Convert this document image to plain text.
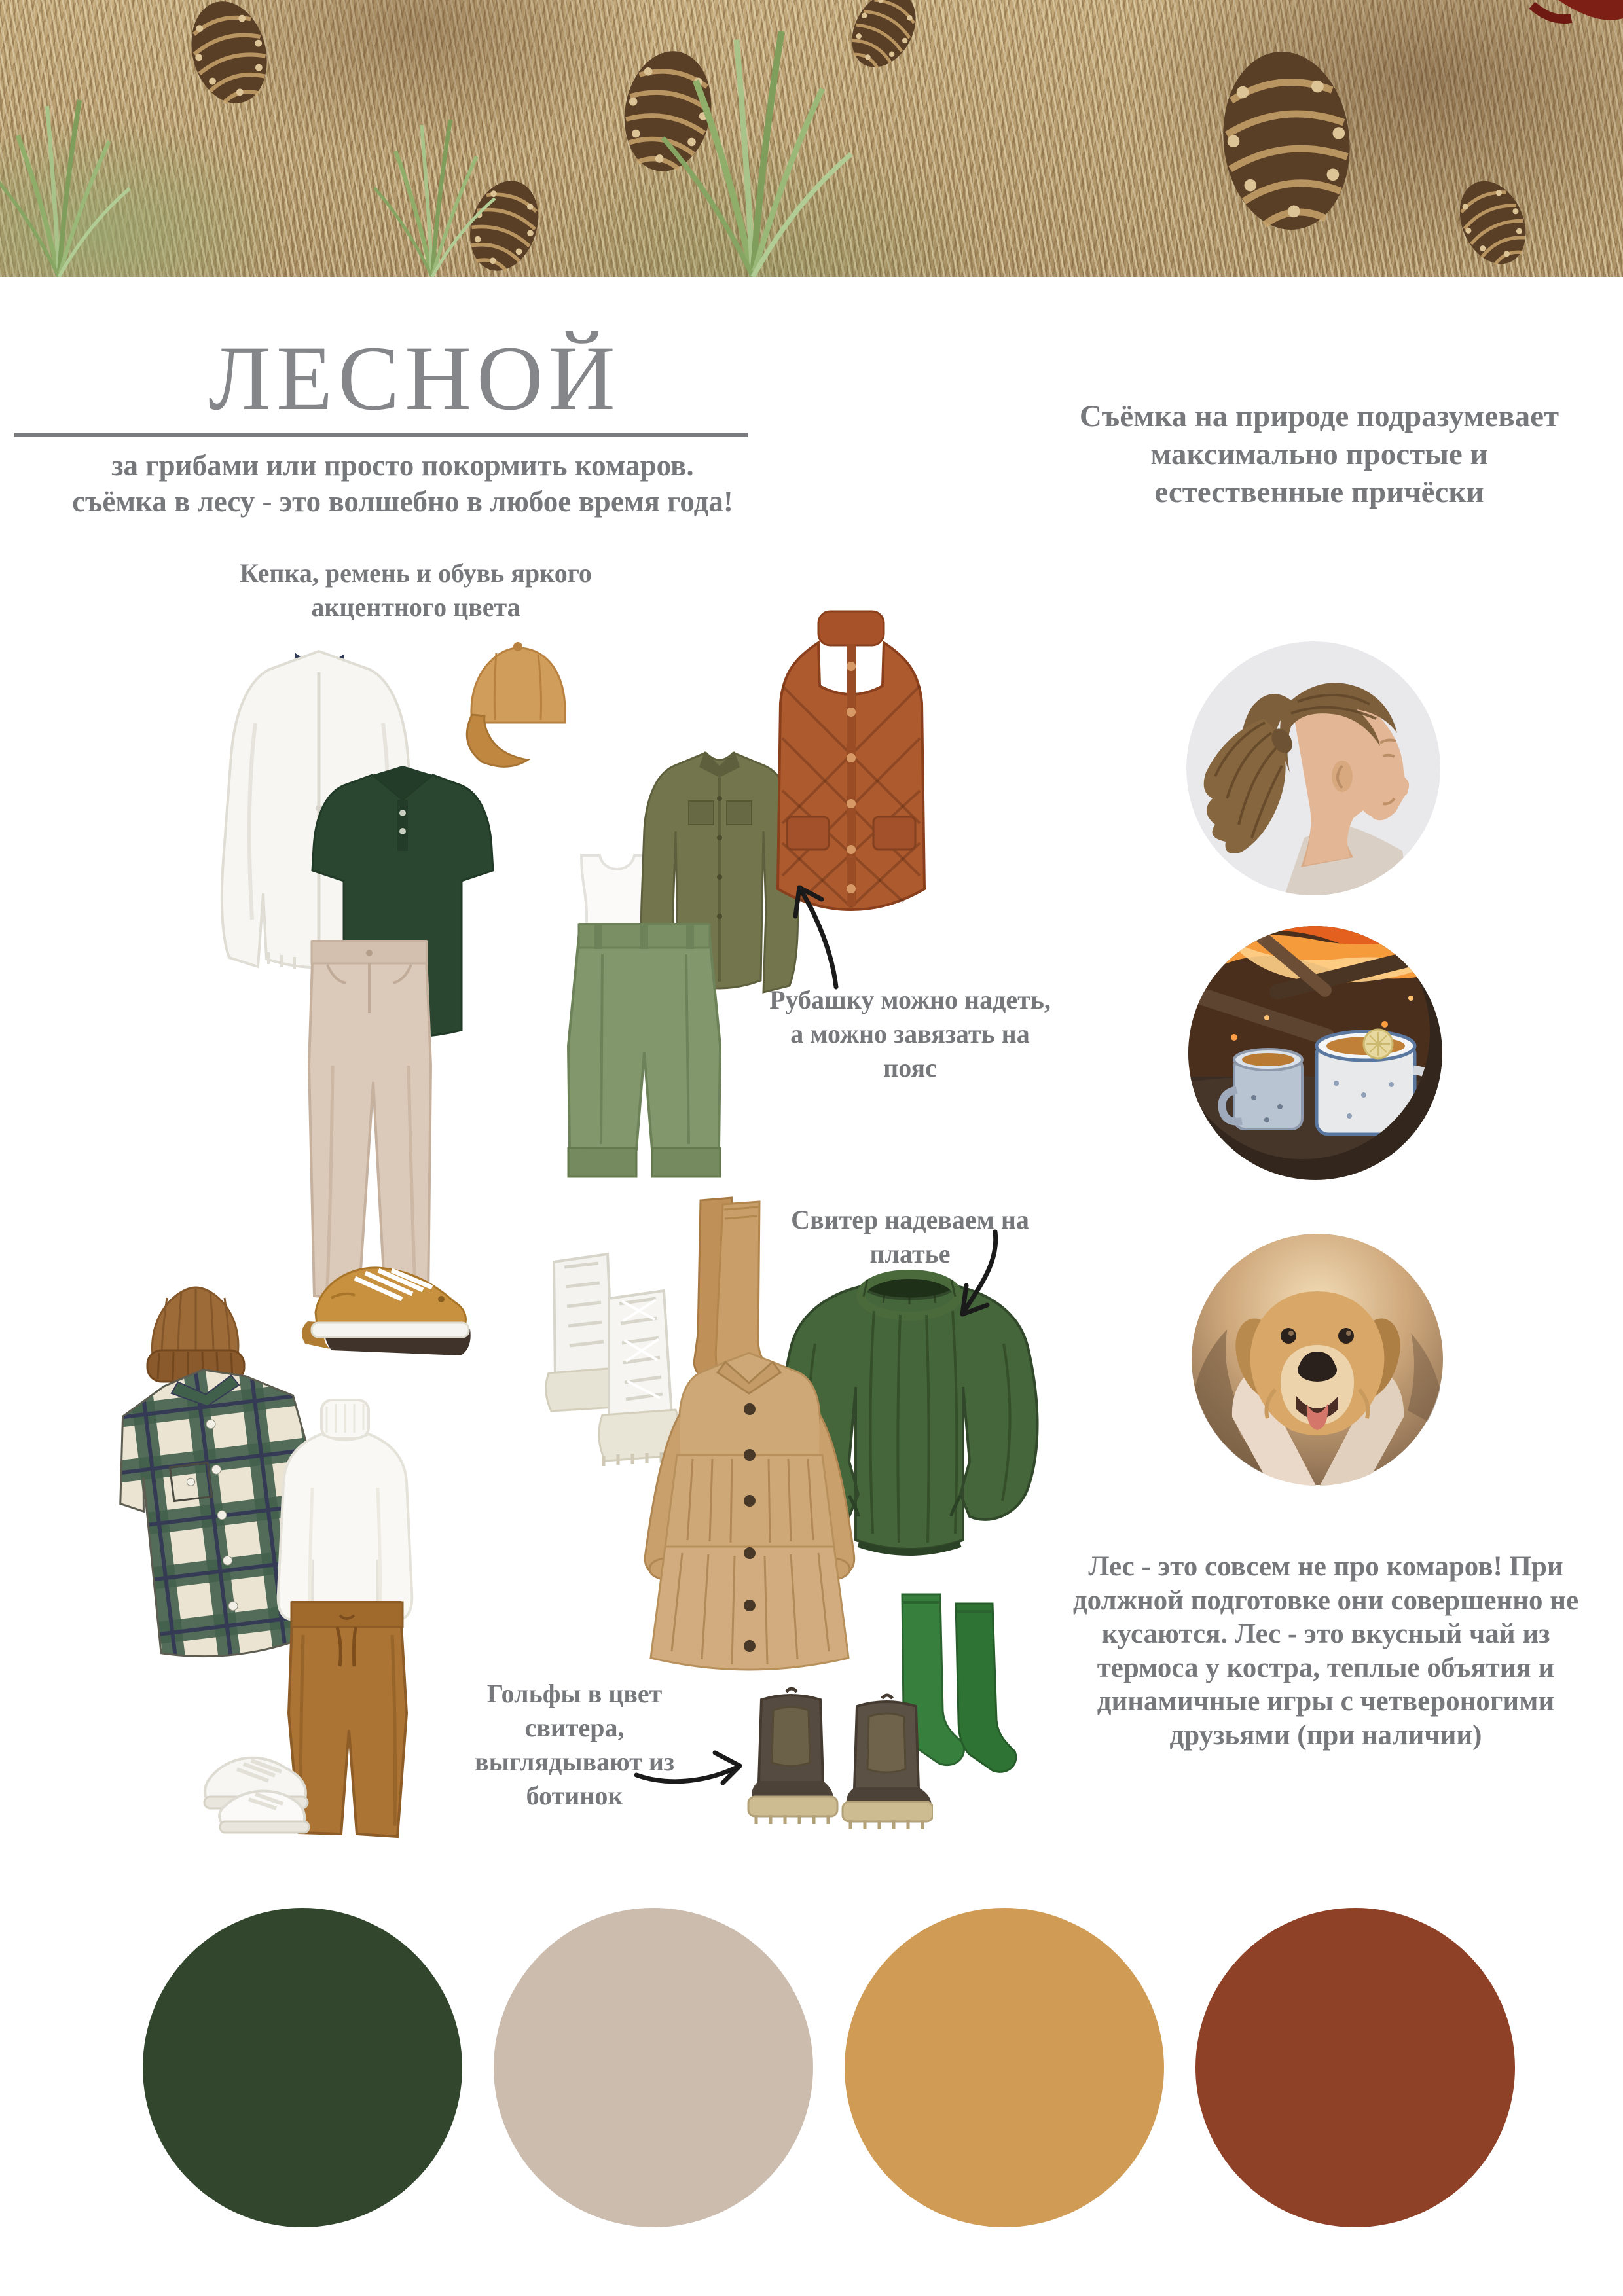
ЛЕСНОЙ
за грибами или просто покормить комаров.
съёмка в лесу - это волшебно в любое время года!
Кепка, ремень и обувь яркого акцентного цвета
Рубашку можно надеть,
а можно завязать на пояс
Свитер надеваем на
платье
Гольфы в цвет свитера, выглядывают из ботинок
Съёмка на природе подразумевает максимально простые и естественные причёски
Лес - это совсем не про комаров! При должной подготовке они совершенно не кусаются. Лес - это вкусный чай из термоса у костра, теплые объятия и динамичные игры с четвероногими друзьями (при наличии)
